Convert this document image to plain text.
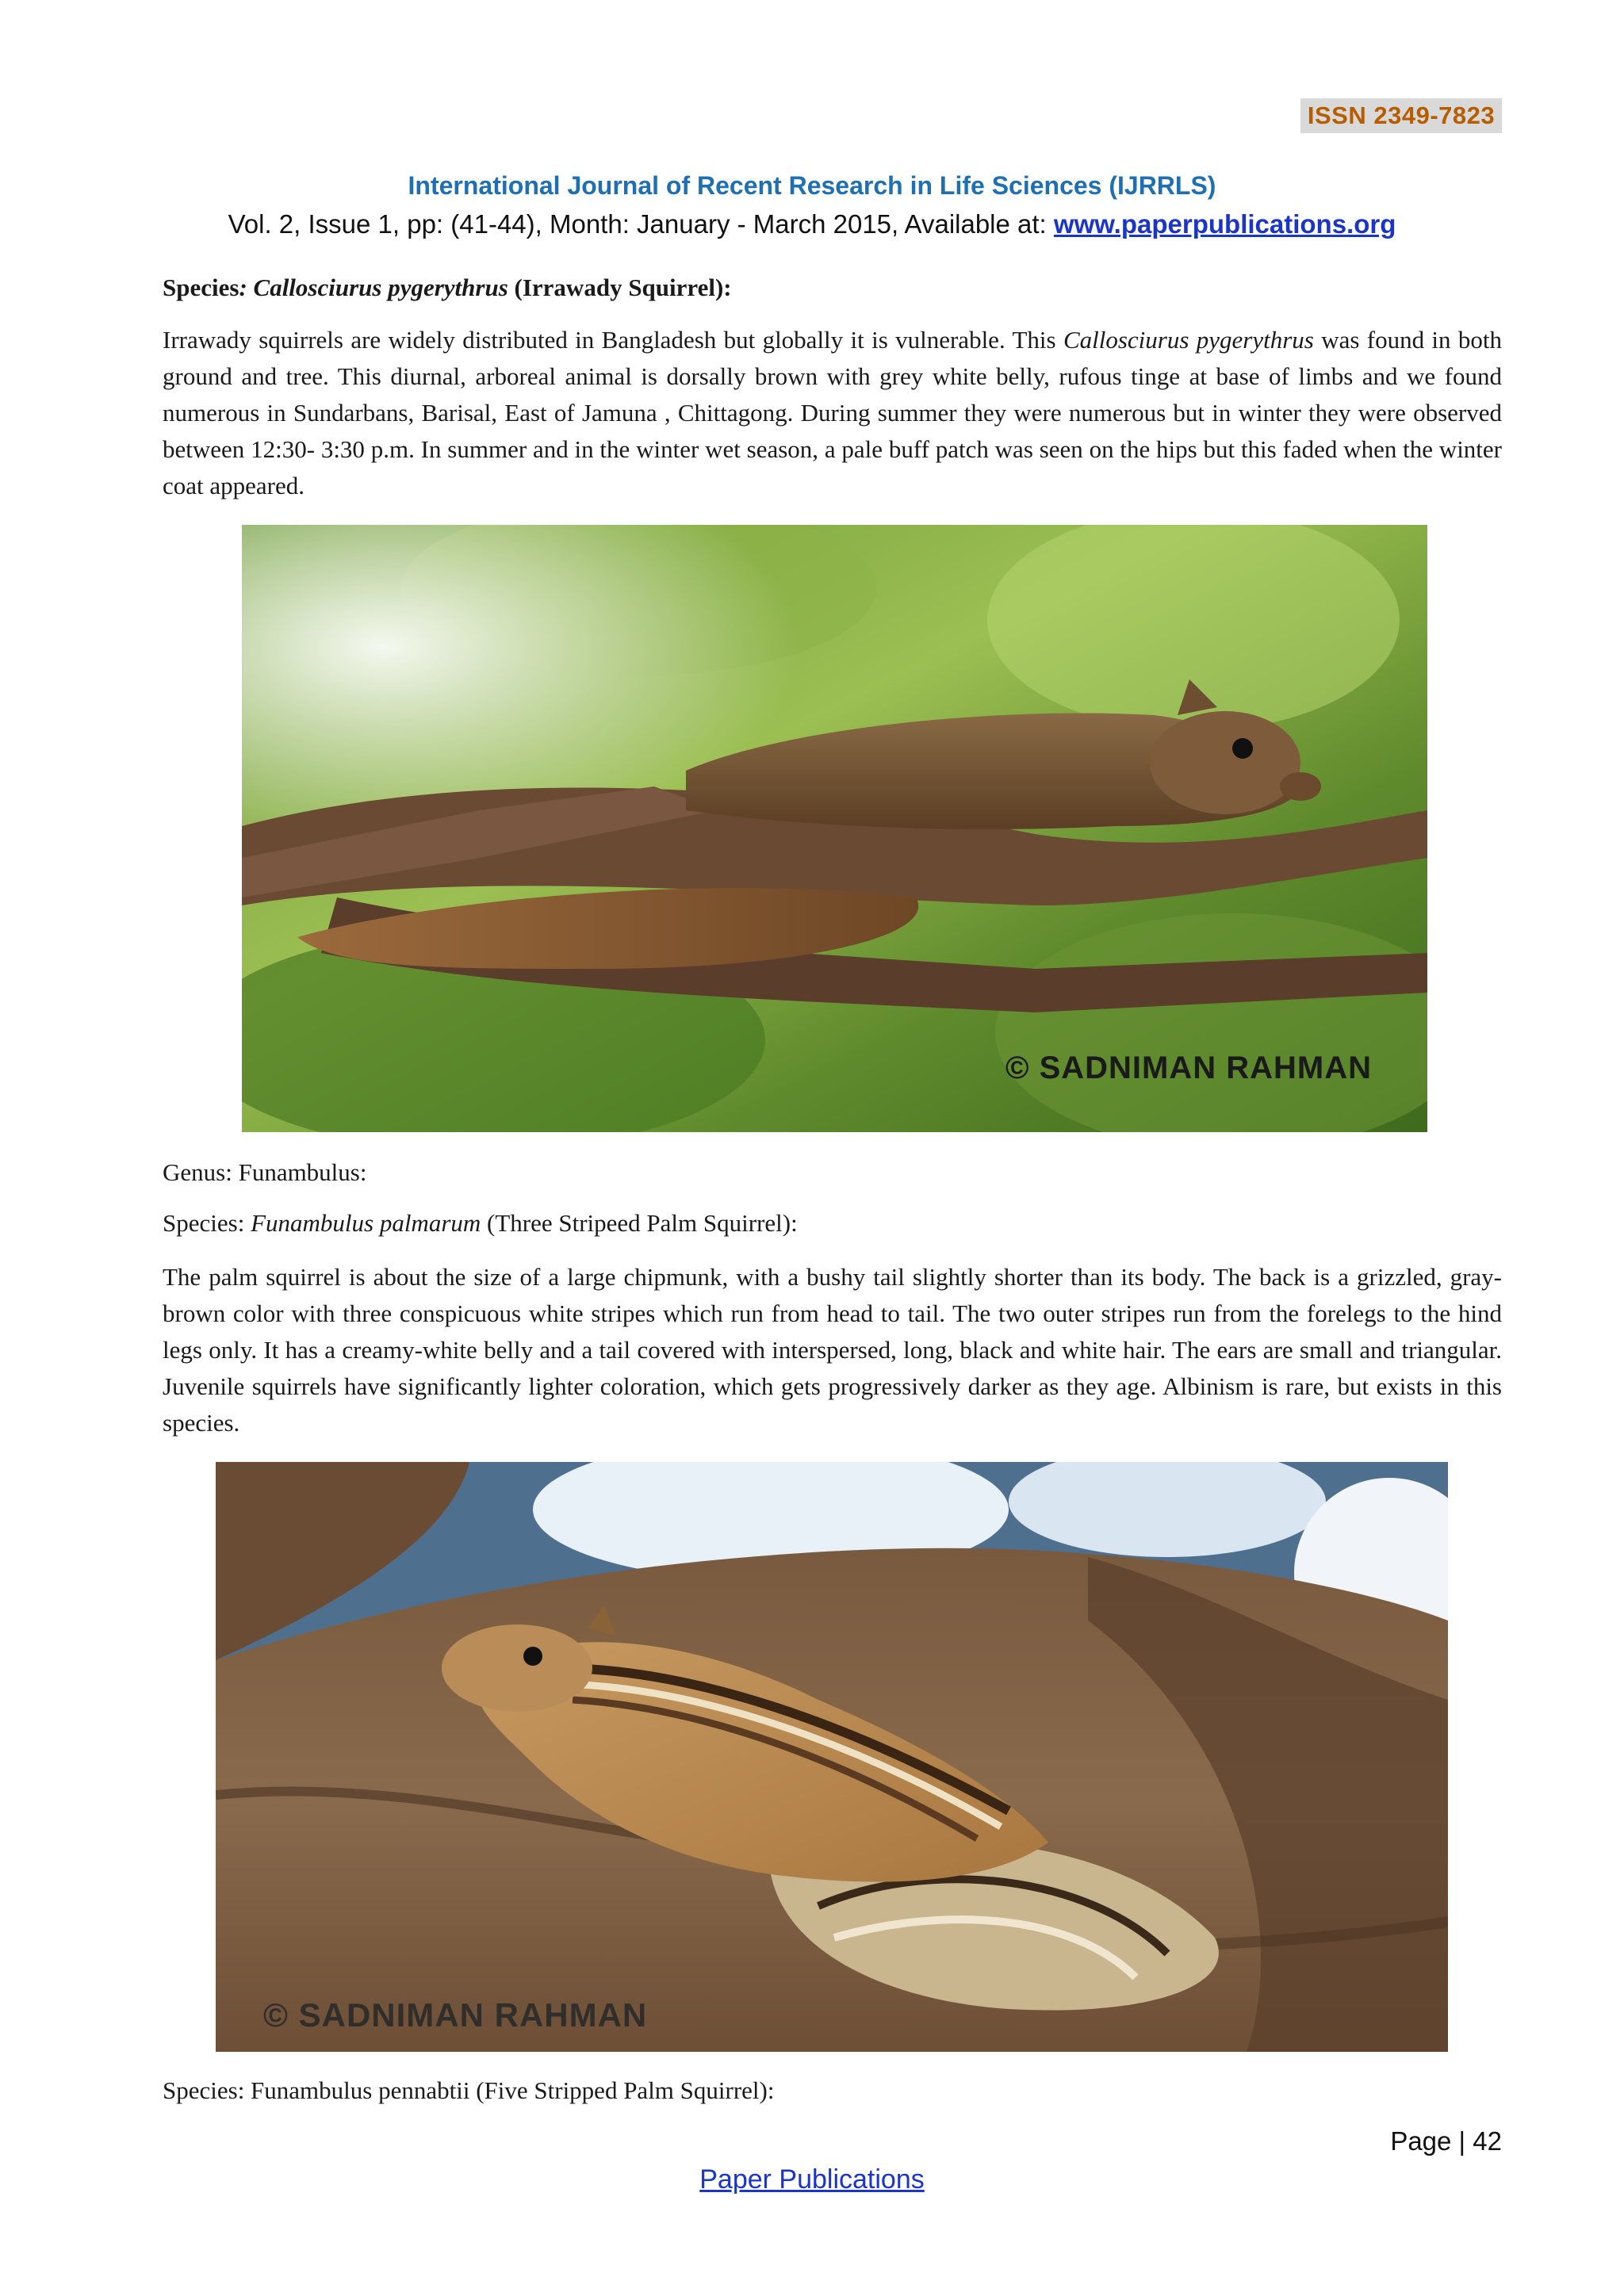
ISSN 2349-7823
International Journal of Recent Research in Life Sciences (IJRRLS)
Vol. 2, Issue 1, pp: (41-44), Month: January - March 2015, Available at: www.paperpublications.org
Species: Callosciurus pygerythrus (Irrawady Squirrel):
Irrawady squirrels are widely distributed in Bangladesh but globally it is vulnerable. This Callosciurus pygerythrus was found in both ground and tree. This diurnal, arboreal animal is dorsally brown with grey white belly, rufous tinge at base of limbs and we found numerous in Sundarbans, Barisal, East of Jamuna , Chittagong. During summer they were numerous but in winter they were observed between 12:30- 3:30 p.m. In summer and in the winter wet season, a pale buff patch was seen on the hips but this faded when the winter coat appeared.
© SADNIMAN RAHMAN
Genus: Funambulus:
Species: Funambulus palmarum (Three Stripeed Palm Squirrel):
The palm squirrel is about the size of a large chipmunk, with a bushy tail slightly shorter than its body. The back is a grizzled, gray-brown color with three conspicuous white stripes which run from head to tail. The two outer stripes run from the forelegs to the hind legs only. It has a creamy-white belly and a tail covered with interspersed, long, black and white hair. The ears are small and triangular. Juvenile squirrels have significantly lighter coloration, which gets progressively darker as they age. Albinism is rare, but exists in this species.
© SADNIMAN RAHMAN
Species: Funambulus pennabtii (Five Stripped Palm Squirrel):
Page | 42
Paper Publications
